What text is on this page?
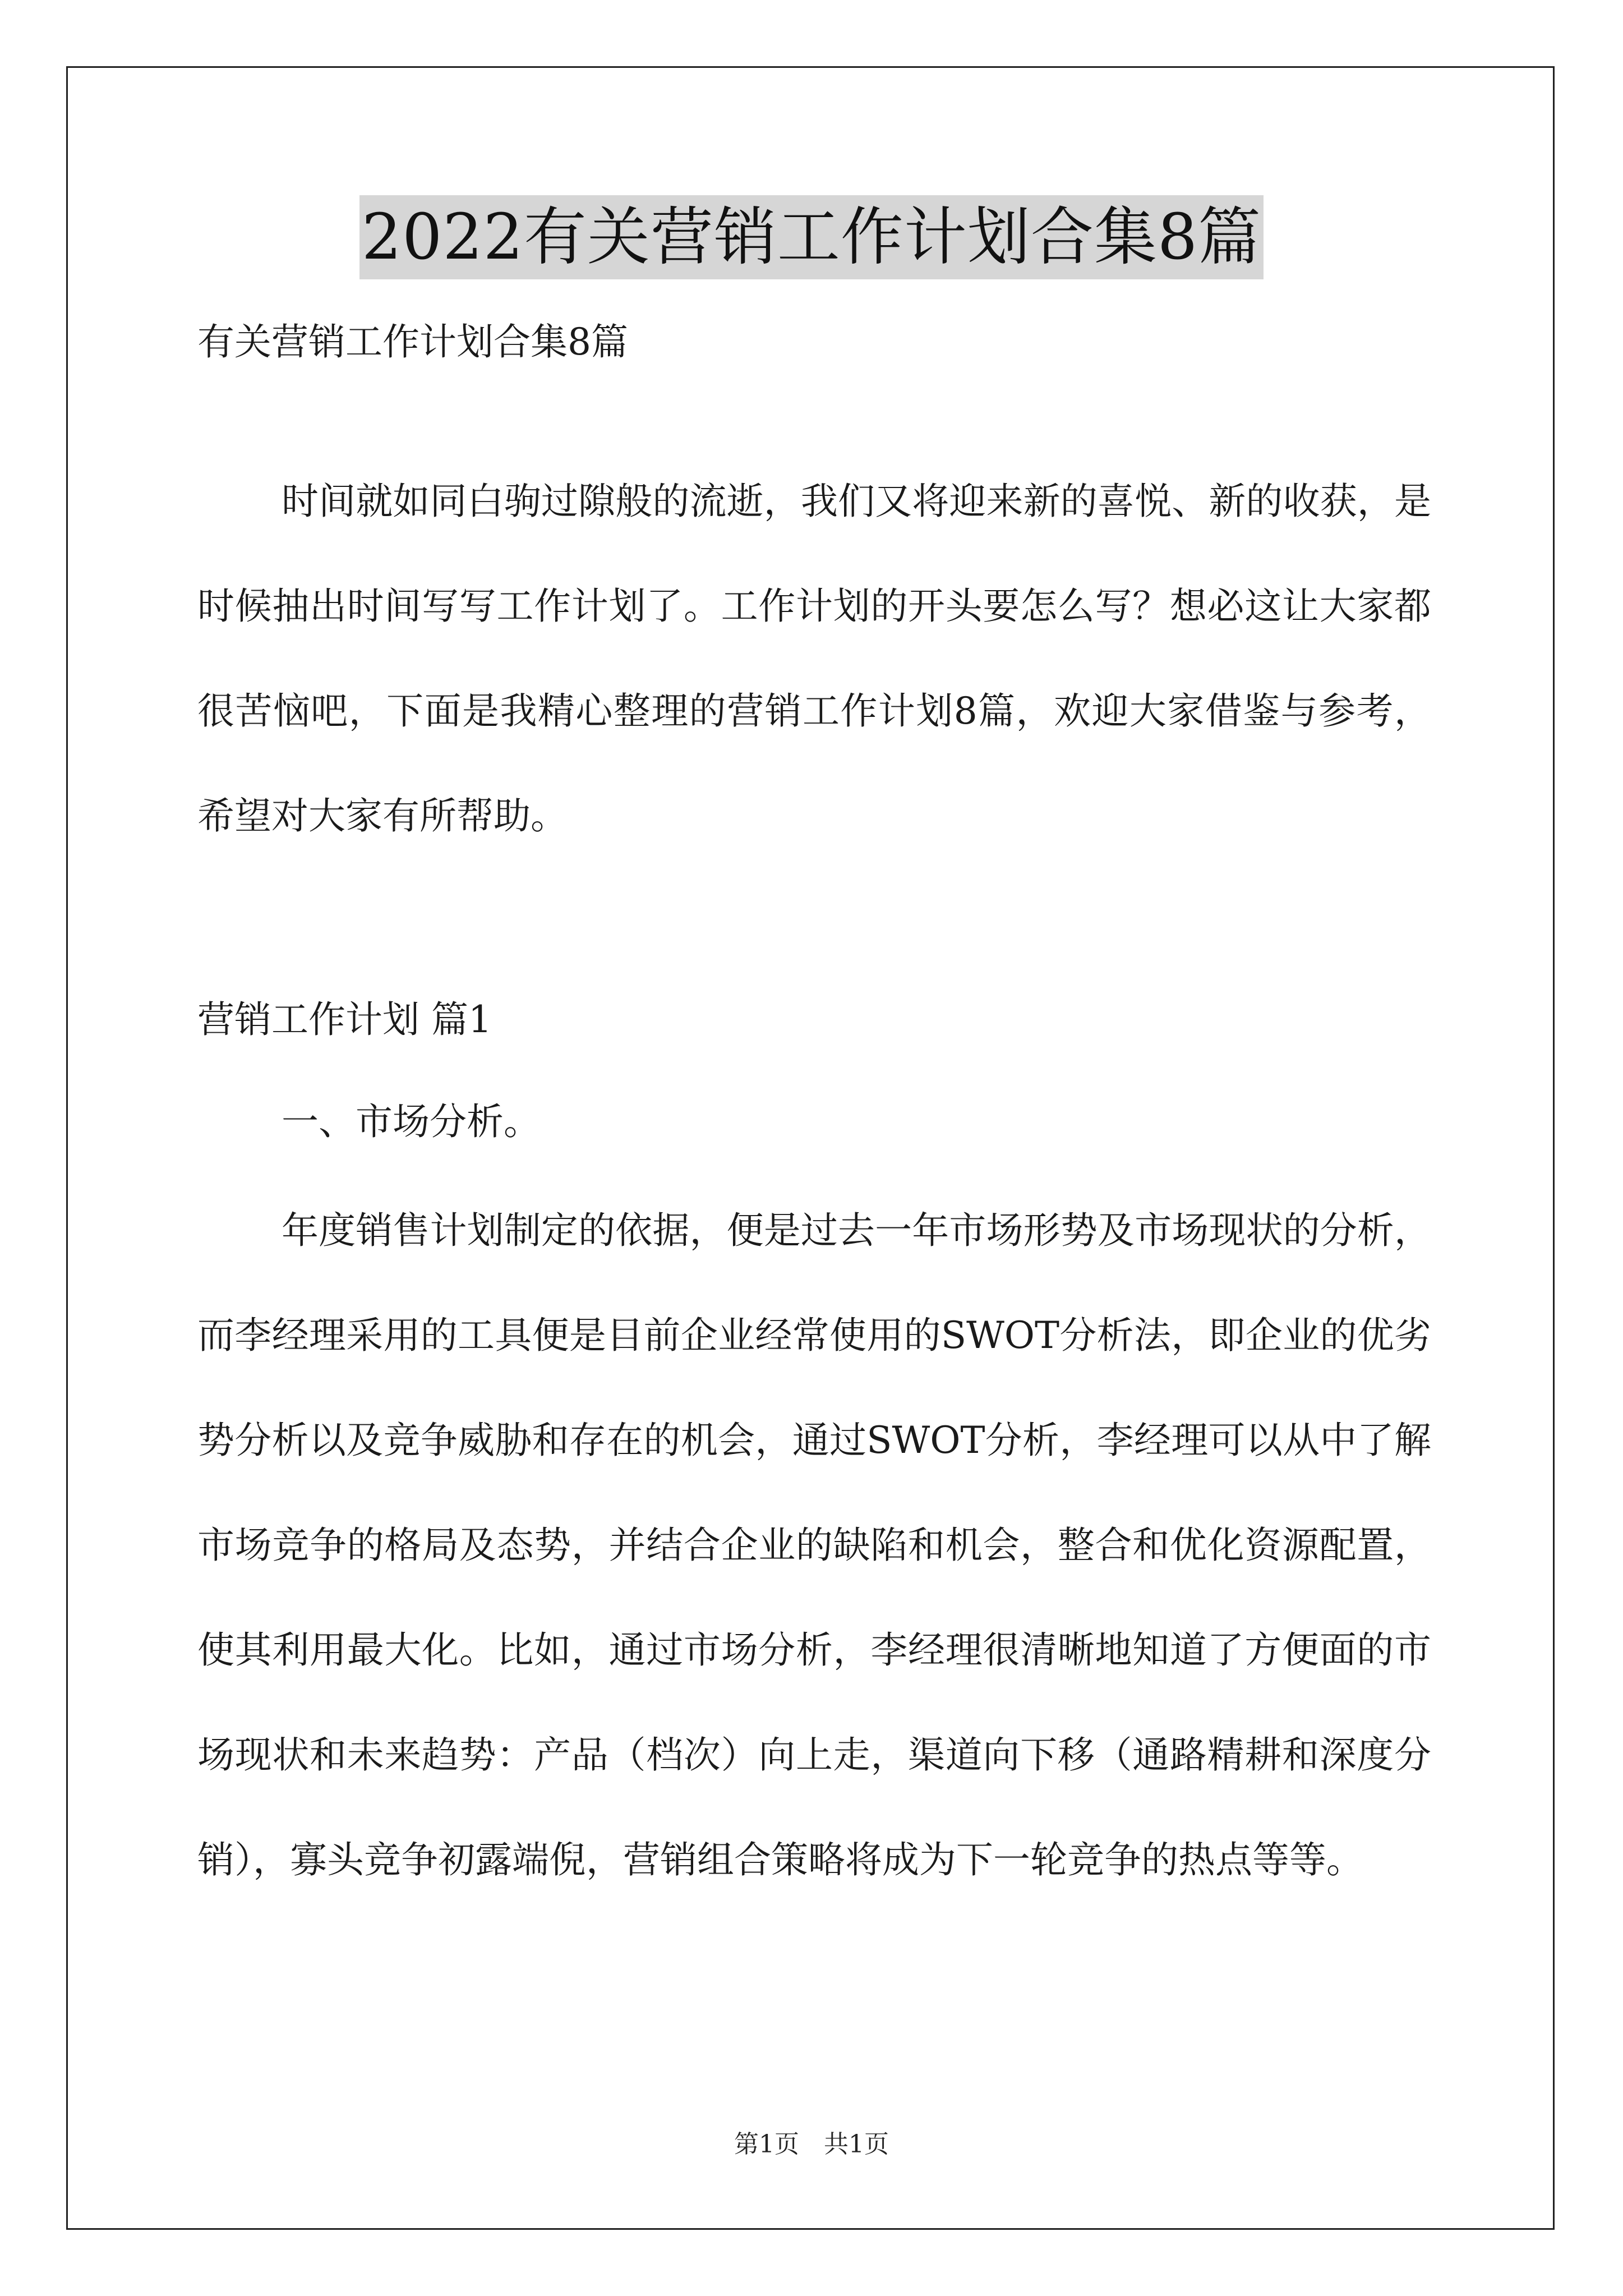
2022有关营销工作计划合集8篇
有关营销工作计划合集8篇
时间就如同白驹过隙般的流逝，我们又将迎来新的喜悦、新的收获，是时候抽出时间写写工作计划了。工作计划的开头要怎么写？想必这让大家都很苦恼吧，下面是我精心整理的营销工作计划8篇，欢迎大家借鉴与参考，希望对大家有所帮助。
营销工作计划 篇1
一、市场分析。
年度销售计划制定的依据，便是过去一年市场形势及市场现状的分析，而李经理采用的工具便是目前企业经常使用的SWOT分析法，即企业的优劣势分析以及竞争威胁和存在的机会，通过SWOT分析，李经理可以从中了解市场竞争的格局及态势，并结合企业的缺陷和机会，整合和优化资源配置，使其利用最大化。比如，通过市场分析，李经理很清晰地知道了方便面的市场现状和未来趋势：产品（档次）向上走，渠道向下移（通路精耕和深度分销），寡头竞争初露端倪，营销组合策略将成为下一轮竞争的热点等等。
第1页　共1页
